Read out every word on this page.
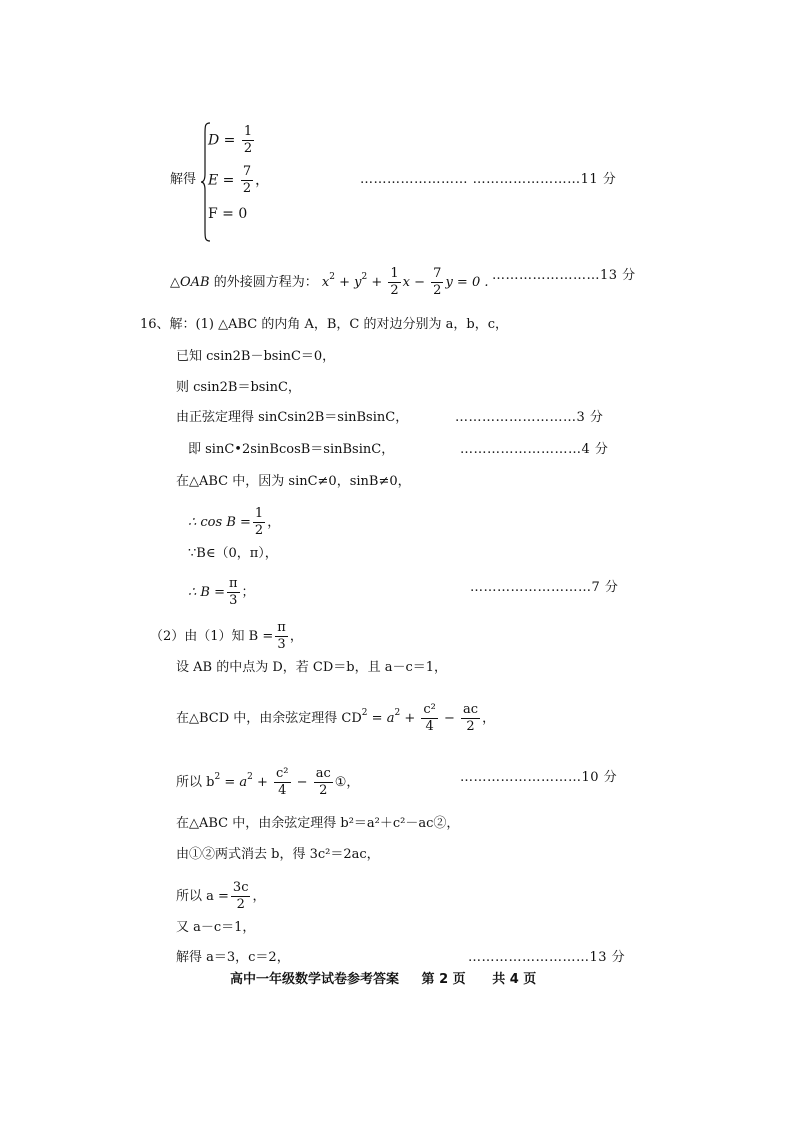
解得
$D = \frac{1}{2}$
$E = \frac{7}{2}$ ，
F = 0
…………………… ……………………11 分
△OAB 的外接圆方程为： $x^2 + y^2 + \frac{1}{2}$ $x - \frac{7}{2}$ y = 0 . ……………………13 分
16、解：(1) △ABC 的内角 A，B，C 的对边分别为 a，b，c，
已知 csin2B－bsinC＝0，
则 csin2B＝bsinC，
由正弦定理得 sinCsin2B＝sinBsinC，	………………………3 分
即 sinC•2sinBcosB＝sinBsinC，	………………………4 分
在△ABC 中，因为 sinC≠0，sinB≠0，
∴ $\cos B = \frac{1}{2}$ ，
∵B∈（0，π），
∴ $B = \frac{\pi}{3}$ ；	………………………7 分
（2）由（1）知 $B = \frac{\pi}{3}$ ，
设 AB 的中点为 D，若 CD＝b，且 a－c＝1，
在△BCD 中，由余弦定理得 $CD^2 = a^2 + \frac{\text{c²}}{4} - \frac{ac}{2}$ ，
所以 $b^2 = a^2 + \frac{\text{c²}}{4} - \frac{ac}{2}$ ①，	………………………10 分
在△ABC 中，由余弦定理得 b²＝a²＋c²－ac②，
由①②两式消去 b，得 3c²＝2ac，
所以 $a = \frac{3c}{2}$ ，
又 a－c＝1，
解得 a＝3，c＝2，	………………………13 分
高中一年级数学试卷参考答案 第 2 页 共 4 页
